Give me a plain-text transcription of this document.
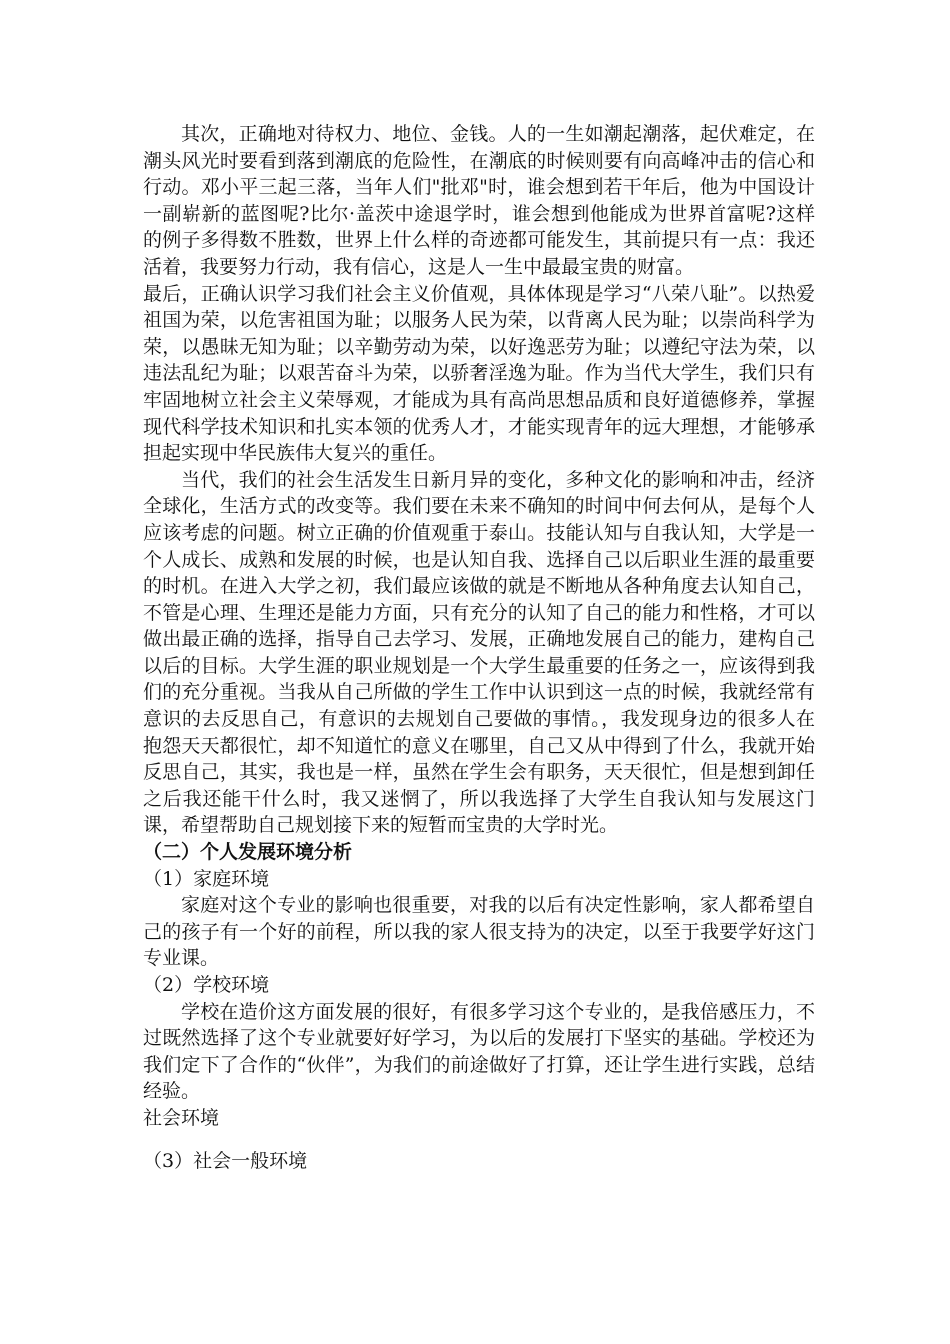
其次，正确地对待权力、地位、金钱。人的一生如潮起潮落，起伏难定，在潮头风光时要看到落到潮底的危险性，在潮底的时候则要有向高峰冲击的信心和行动。邓小平三起三落，当年人们"批邓"时，谁会想到若干年后，他为中国设计一副崭新的蓝图呢?比尔·盖茨中途退学时，谁会想到他能成为世界首富呢?这样的例子多得数不胜数，世界上什么样的奇迹都可能发生，其前提只有一点：我还活着，我要努力行动，我有信心，这是人一生中最最宝贵的财富。

最后，正确认识学习我们社会主义价值观，具体体现是学习“八荣八耻”。以热爱祖国为荣，以危害祖国为耻；以服务人民为荣，以背离人民为耻；以崇尚科学为荣，以愚昧无知为耻；以辛勤劳动为荣，以好逸恶劳为耻；以遵纪守法为荣，以违法乱纪为耻；以艰苦奋斗为荣，以骄奢淫逸为耻。作为当代大学生，我们只有牢固地树立社会主义荣辱观，才能成为具有高尚思想品质和良好道德修养，掌握现代科学技术知识和扎实本领的优秀人才，才能实现青年的远大理想，才能够承担起实现中华民族伟大复兴的重任。

当代，我们的社会生活发生日新月异的变化，多种文化的影响和冲击，经济全球化，生活方式的改变等。我们要在未来不确知的时间中何去何从，是每个人应该考虑的问题。树立正确的价值观重于泰山。技能认知与自我认知，大学是一个人成长、成熟和发展的时候，也是认知自我、选择自己以后职业生涯的最重要的时机。在进入大学之初，我们最应该做的就是不断地从各种角度去认知自己，不管是心理、生理还是能力方面，只有充分的认知了自己的能力和性格，才可以做出最正确的选择，指导自己去学习、发展，正确地发展自己的能力，建构自己以后的目标。大学生涯的职业规划是一个大学生最重要的任务之一，应该得到我们的充分重视。当我从自己所做的学生工作中认识到这一点的时候，我就经常有意识的去反思自己，有意识的去规划自己要做的事情。，我发现身边的很多人在抱怨天天都很忙，却不知道忙的意义在哪里，自己又从中得到了什么，我就开始反思自己，其实，我也是一样，虽然在学生会有职务，天天很忙，但是想到卸任之后我还能干什么时，我又迷惘了，所以我选择了大学生自我认知与发展这门课，希望帮助自己规划接下来的短暂而宝贵的大学时光。

（二）个人发展环境分析

（1）家庭环境

家庭对这个专业的影响也很重要，对我的以后有决定性影响，家人都希望自己的孩子有一个好的前程，所以我的家人很支持为的决定，以至于我要学好这门专业课。

（2）学校环境

学校在造价这方面发展的很好，有很多学习这个专业的，是我倍感压力，不过既然选择了这个专业就要好好学习，为以后的发展打下坚实的基础。学校还为我们定下了合作的“伙伴”，为我们的前途做好了打算，还让学生进行实践，总结经验。

社会环境

（3）社会一般环境
